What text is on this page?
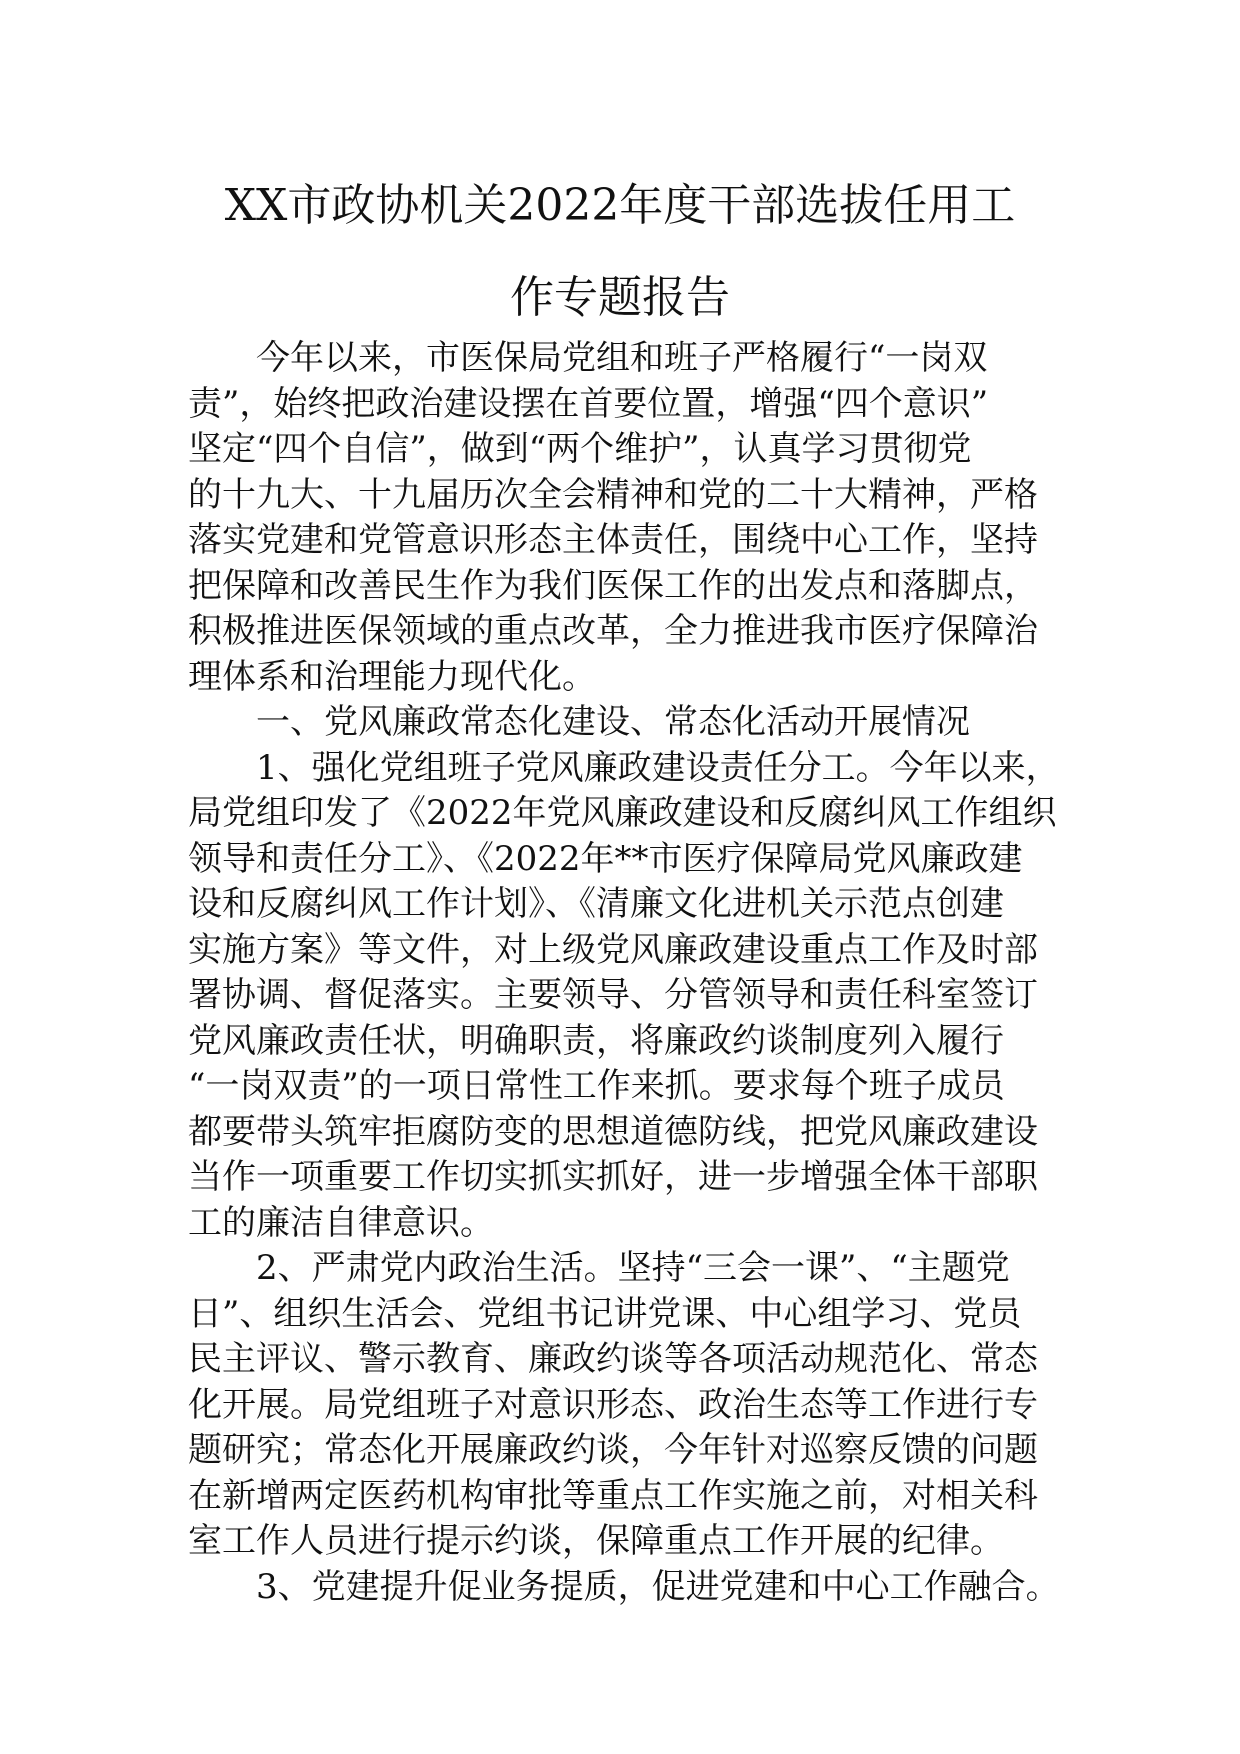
XX市政协机关2022年度干部选拔任用工
作专题报告
今年以来，市医保局党组和班子严格履行“一岗双
责”，始终把政治建设摆在首要位置，增强“四个意识”
坚定“四个自信”，做到“两个维护”，认真学习贯彻党
的十九大、十九届历次全会精神和党的二十大精神，严格
落实党建和党管意识形态主体责任，围绕中心工作，坚持
把保障和改善民生作为我们医保工作的出发点和落脚点，
积极推进医保领域的重点改革，全力推进我市医疗保障治
理体系和治理能力现代化。
一、党风廉政常态化建设、常态化活动开展情况
1、强化党组班子党风廉政建设责任分工。今年以来，
局党组印发了《2022年党风廉政建设和反腐纠风工作组织
领导和责任分工》、《2022年**市医疗保障局党风廉政建
设和反腐纠风工作计划》、《清廉文化进机关示范点创建
实施方案》等文件，对上级党风廉政建设重点工作及时部
署协调、督促落实。主要领导、分管领导和责任科室签订
党风廉政责任状，明确职责，将廉政约谈制度列入履行
“一岗双责”的一项日常性工作来抓。要求每个班子成员
都要带头筑牢拒腐防变的思想道德防线，把党风廉政建设
当作一项重要工作切实抓实抓好，进一步增强全体干部职
工的廉洁自律意识。
2、严肃党内政治生活。坚持“三会一课”、“主题党
日”、组织生活会、党组书记讲党课、中心组学习、党员
民主评议、警示教育、廉政约谈等各项活动规范化、常态
化开展。局党组班子对意识形态、政治生态等工作进行专
题研究；常态化开展廉政约谈，今年针对巡察反馈的问题
在新增两定医药机构审批等重点工作实施之前，对相关科
室工作人员进行提示约谈，保障重点工作开展的纪律。
3、党建提升促业务提质，促进党建和中心工作融合。
